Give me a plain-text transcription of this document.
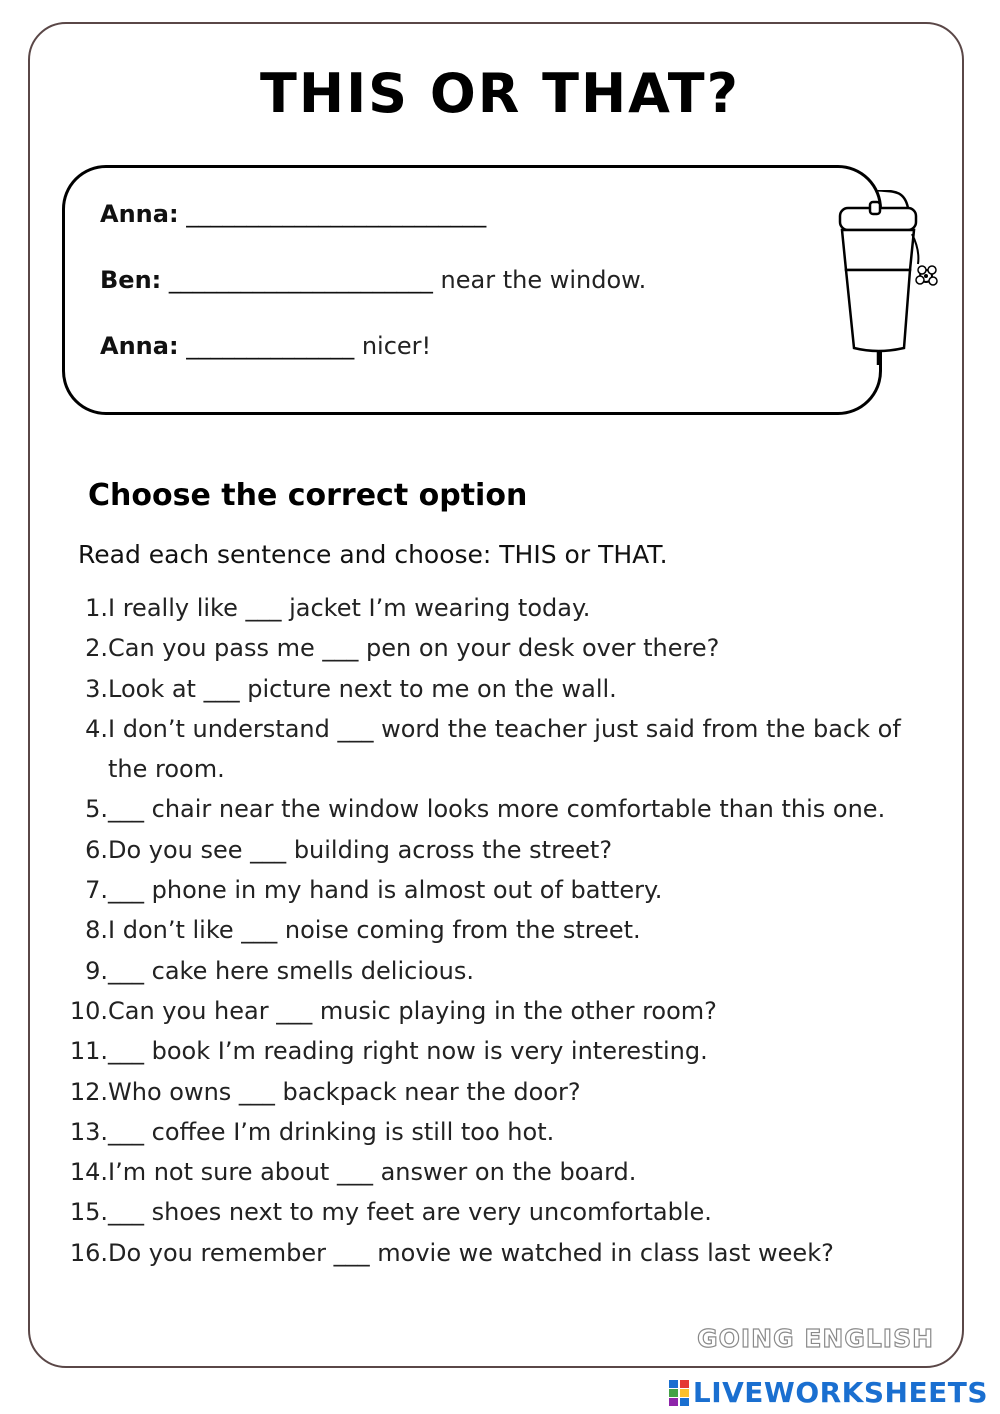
THIS OR THAT?
Anna: _________________________
Ben: ______________________ near the window.
Anna: ______________ nicer!
Choose the correct option
Read each sentence and choose: THIS or THAT.
1. I really like ___ jacket I’m wearing today.
2. Can you pass me ___ pen on your desk over there?
3. Look at ___ picture next to me on the wall.
4. I don’t understand ___ word the teacher just said from the back of the room.
5. ___ chair near the window looks more comfortable than this one.
6. Do you see ___ building across the street?
7. ___ phone in my hand is almost out of battery.
8. I don’t like ___ noise coming from the street.
9. ___ cake here smells delicious.
10. Can you hear ___ music playing in the other room?
11. ___ book I’m reading right now is very interesting.
12. Who owns ___ backpack near the door?
13. ___ coffee I’m drinking is still too hot.
14. I’m not sure about ___ answer on the board.
15. ___ shoes next to my feet are very uncomfortable.
16. Do you remember ___ movie we watched in class last week?
GOING ENGLISH
LIVEWORKSHEETS
